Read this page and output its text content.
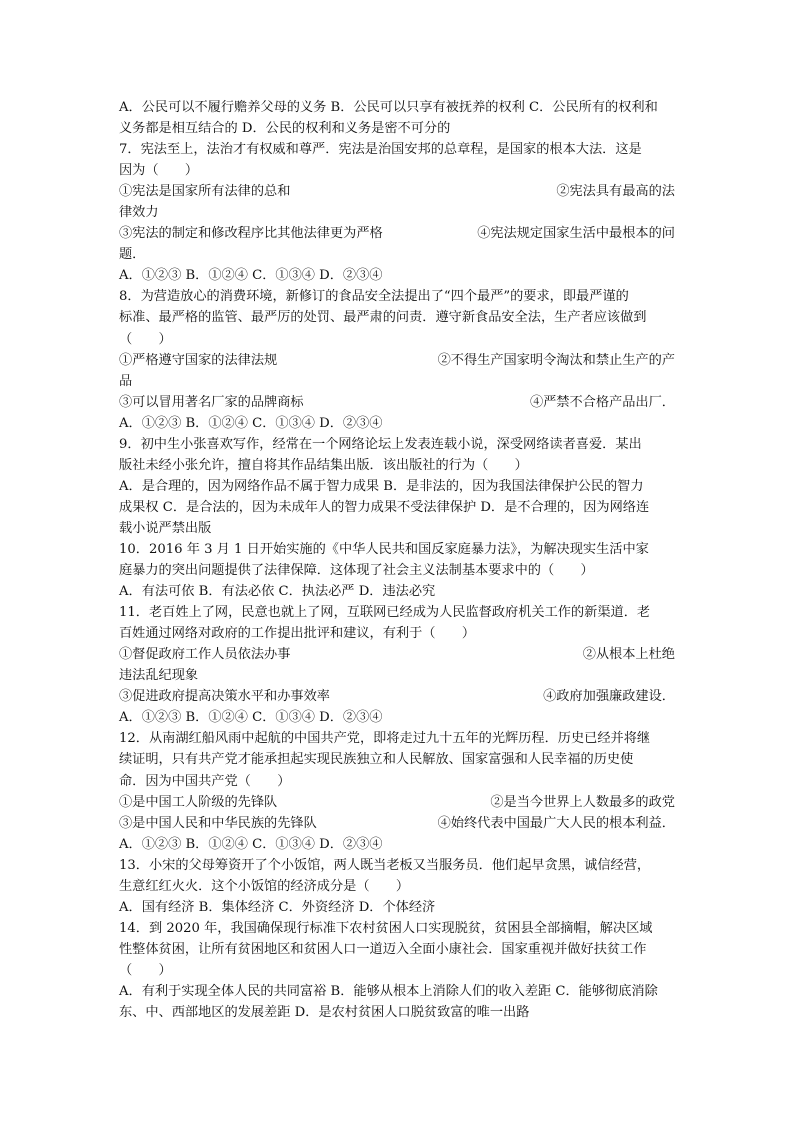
A．公民可以不履行赡养父母的义务 B．公民可以只享有被抚养的权利 C．公民所有的权利和
义务都是相互结合的 D．公民的权利和义务是密不可分的
7．宪法至上，法治才有权威和尊严．宪法是治国安邦的总章程，是国家的根本大法．这是
因为（　　）
①宪法是国家所有法律的总和	②宪法具有最高的法
律效力
③宪法的制定和修改程序比其他法律更为严格	④宪法规定国家生活中最根本的问
题．
A．①②③ B．①②④ C．①③④ D．②③④
8．为营造放心的消费环境，新修订的食品安全法提出了“四个最严”的要求，即最严谨的
标准、最严格的监管、最严厉的处罚、最严肃的问责．遵守新食品安全法，生产者应该做到
（　　）
①严格遵守国家的法律法规	②不得生产国家明令淘汰和禁止生产的产
品
③可以冒用著名厂家的品牌商标	④严禁不合格产品出厂．
A．①②③ B．①②④ C．①③④ D．②③④
9．初中生小张喜欢写作，经常在一个网络论坛上发表连载小说，深受网络读者喜爱．某出
版社未经小张允许，擅自将其作品结集出版．该出版社的行为（　　）
A．是合理的，因为网络作品不属于智力成果 B．是非法的，因为我国法律保护公民的智力
成果权 C．是合法的，因为未成年人的智力成果不受法律保护 D．是不合理的，因为网络连
载小说严禁出版
10．2016 年 3 月 1 日开始实施的《中华人民共和国反家庭暴力法》，为解决现实生活中家
庭暴力的突出问题提供了法律保障．这体现了社会主义法制基本要求中的（　　）
A．有法可依 B．有法必依 C．执法必严 D．违法必究
11．老百姓上了网，民意也就上了网，互联网已经成为人民监督政府机关工作的新渠道．老
百姓通过网络对政府的工作提出批评和建议，有利于（　　）
①督促政府工作人员依法办事	②从根本上杜绝
违法乱纪现象
③促进政府提高决策水平和办事效率	④政府加强廉政建设．
A．①②③ B．①②④ C．①③④ D．②③④
12．从南湖红船风雨中起航的中国共产党，即将走过九十五年的光辉历程．历史已经并将继
续证明，只有共产党才能承担起实现民族独立和人民解放、国家富强和人民幸福的历史使
命．因为中国共产党（　　）
①是中国工人阶级的先锋队	②是当今世界上人数最多的政党
③是中国人民和中华民族的先锋队	④始终代表中国最广大人民的根本利益．
A．①②③ B．①②④ C．①③④ D．②③④
13．小宋的父母筹资开了个小饭馆，两人既当老板又当服务员．他们起早贪黑，诚信经营，
生意红红火火．这个小饭馆的经济成分是（　　）
A．国有经济 B．集体经济 C．外资经济 D．个体经济
14．到 2020 年，我国确保现行标准下农村贫困人口实现脱贫，贫困县全部摘帽，解决区域
性整体贫困，让所有贫困地区和贫困人口一道迈入全面小康社会．国家重视并做好扶贫工作
（　　）
A．有利于实现全体人民的共同富裕 B．能够从根本上消除人们的收入差距 C．能够彻底消除
东、中、西部地区的发展差距 D．是农村贫困人口脱贫致富的唯一出路
